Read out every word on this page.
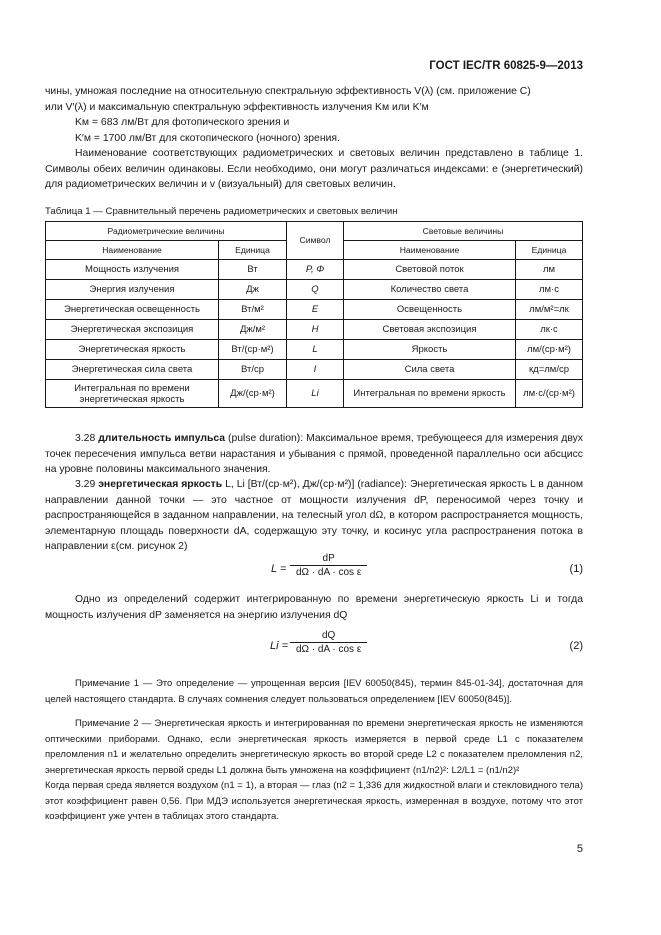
ГОСТ IEC/TR 60825-9—2013

чины, умножая последние на относительную спектральную эффективность V(λ) (см. приложение С)

или V′(λ) и максимальную спектральную эффективность излучения Kм или K′м

Kм = 683 лм/Вт для фотопического зрения и

K′м = 1700 лм/Вт для скотопического (ночного) зрения.

Наименование соответствующих радиометрических и световых величин представлено в таблице 1. Символы обеих величин одинаковы. Если необходимо, они могут различаться индексами: е (энергетический) для радиометрических величин и v (визуальный) для световых величин.

Таблица 1 — Сравнительный перечень радиометрических и световых величин
Радиометрические величины		Символ	Световые величины	
Наименование	Единица		Наименование	Единица
Мощность излучения	Вт	P, Φ	Световой поток	лм
Энергия излучения	Дж	Q	Количество света	лм·с
Энергетическая освещенность	Вт/м²	E	Освещенность	лм/м²=лк
Энергетическая экспозиция	Дж/м²	H	Световая экспозиция	лк·с
Энергетическая яркость	Вт/(ср·м²)	L	Яркость	лм/(ср·м²)
Энергетическая сила света	Вт/ср	I	Сила света	кд=лм/ср
Интегральная по времени энергетическая яркость	Дж/(ср·м²)	Li	Интегральная по времени яркость	лм·с/(ср·м²)

3.28 длительность импульса (pulse duration): Максимальное время, требующееся для измерения двух точек пересечения импульса ветви нарастания и убывания с прямой, проведенной параллельно оси абсцисс на уровне половины максимального значения.

3.29 энергетическая яркость L, Li [Вт/(ср·м²), Дж/(ср·м²)] (radiance): Энергетическая яркость L в данном направлении данной точки — это частное от мощности излучения dP, переносимой через точку и распространяющейся в заданном направлении, на телесный угол dΩ, в котором распространяется мощность, элементарную площадь поверхности dA, содержащую эту точку, и косинус угла распространения потока в направлении ε(см. рисунок 2)

$L = \frac{dP}{\text{dΩ · dA · cos ε}}$	(1)

Одно из определений содержит интегрированную по времени энергетическую яркость Li и тогда мощность излучения dP заменяется на энергию излучения dQ

$Li = \frac{dQ}{\text{dΩ · dA · cos ε}}$	(2)

Примечание 1 — Это определение — упрощенная версия [IEV 60050(845), термин 845-01-34], достаточная для целей настоящего стандарта. В случаях сомнения следует пользоваться определением [IEV 60050(845)].

Примечание 2 — Энергетическая яркость и интегрированная по времени энергетическая яркость не изменяются оптическими приборами. Однако, если энергетическая яркость измеряется в первой среде L1 с показателем преломления n1 и желательно определить энергетическую яркость во второй среде L2 с показателем преломления n2, энергетическая яркость первой среды L1 должна быть умножена на коэффициент (n1/n2)²: L2/L1 = (n1/n2)²

Когда первая среда является воздухом (n1 = 1), а вторая — глаз (n2 = 1,336 для жидкостной влаги и стекловидного тела) этот коэффициент равен 0,56. При МДЭ используется энергетическая яркость, измеренная в воздухе, потому что этот коэффициент уже учтен в таблицах этого стандарта.

5
